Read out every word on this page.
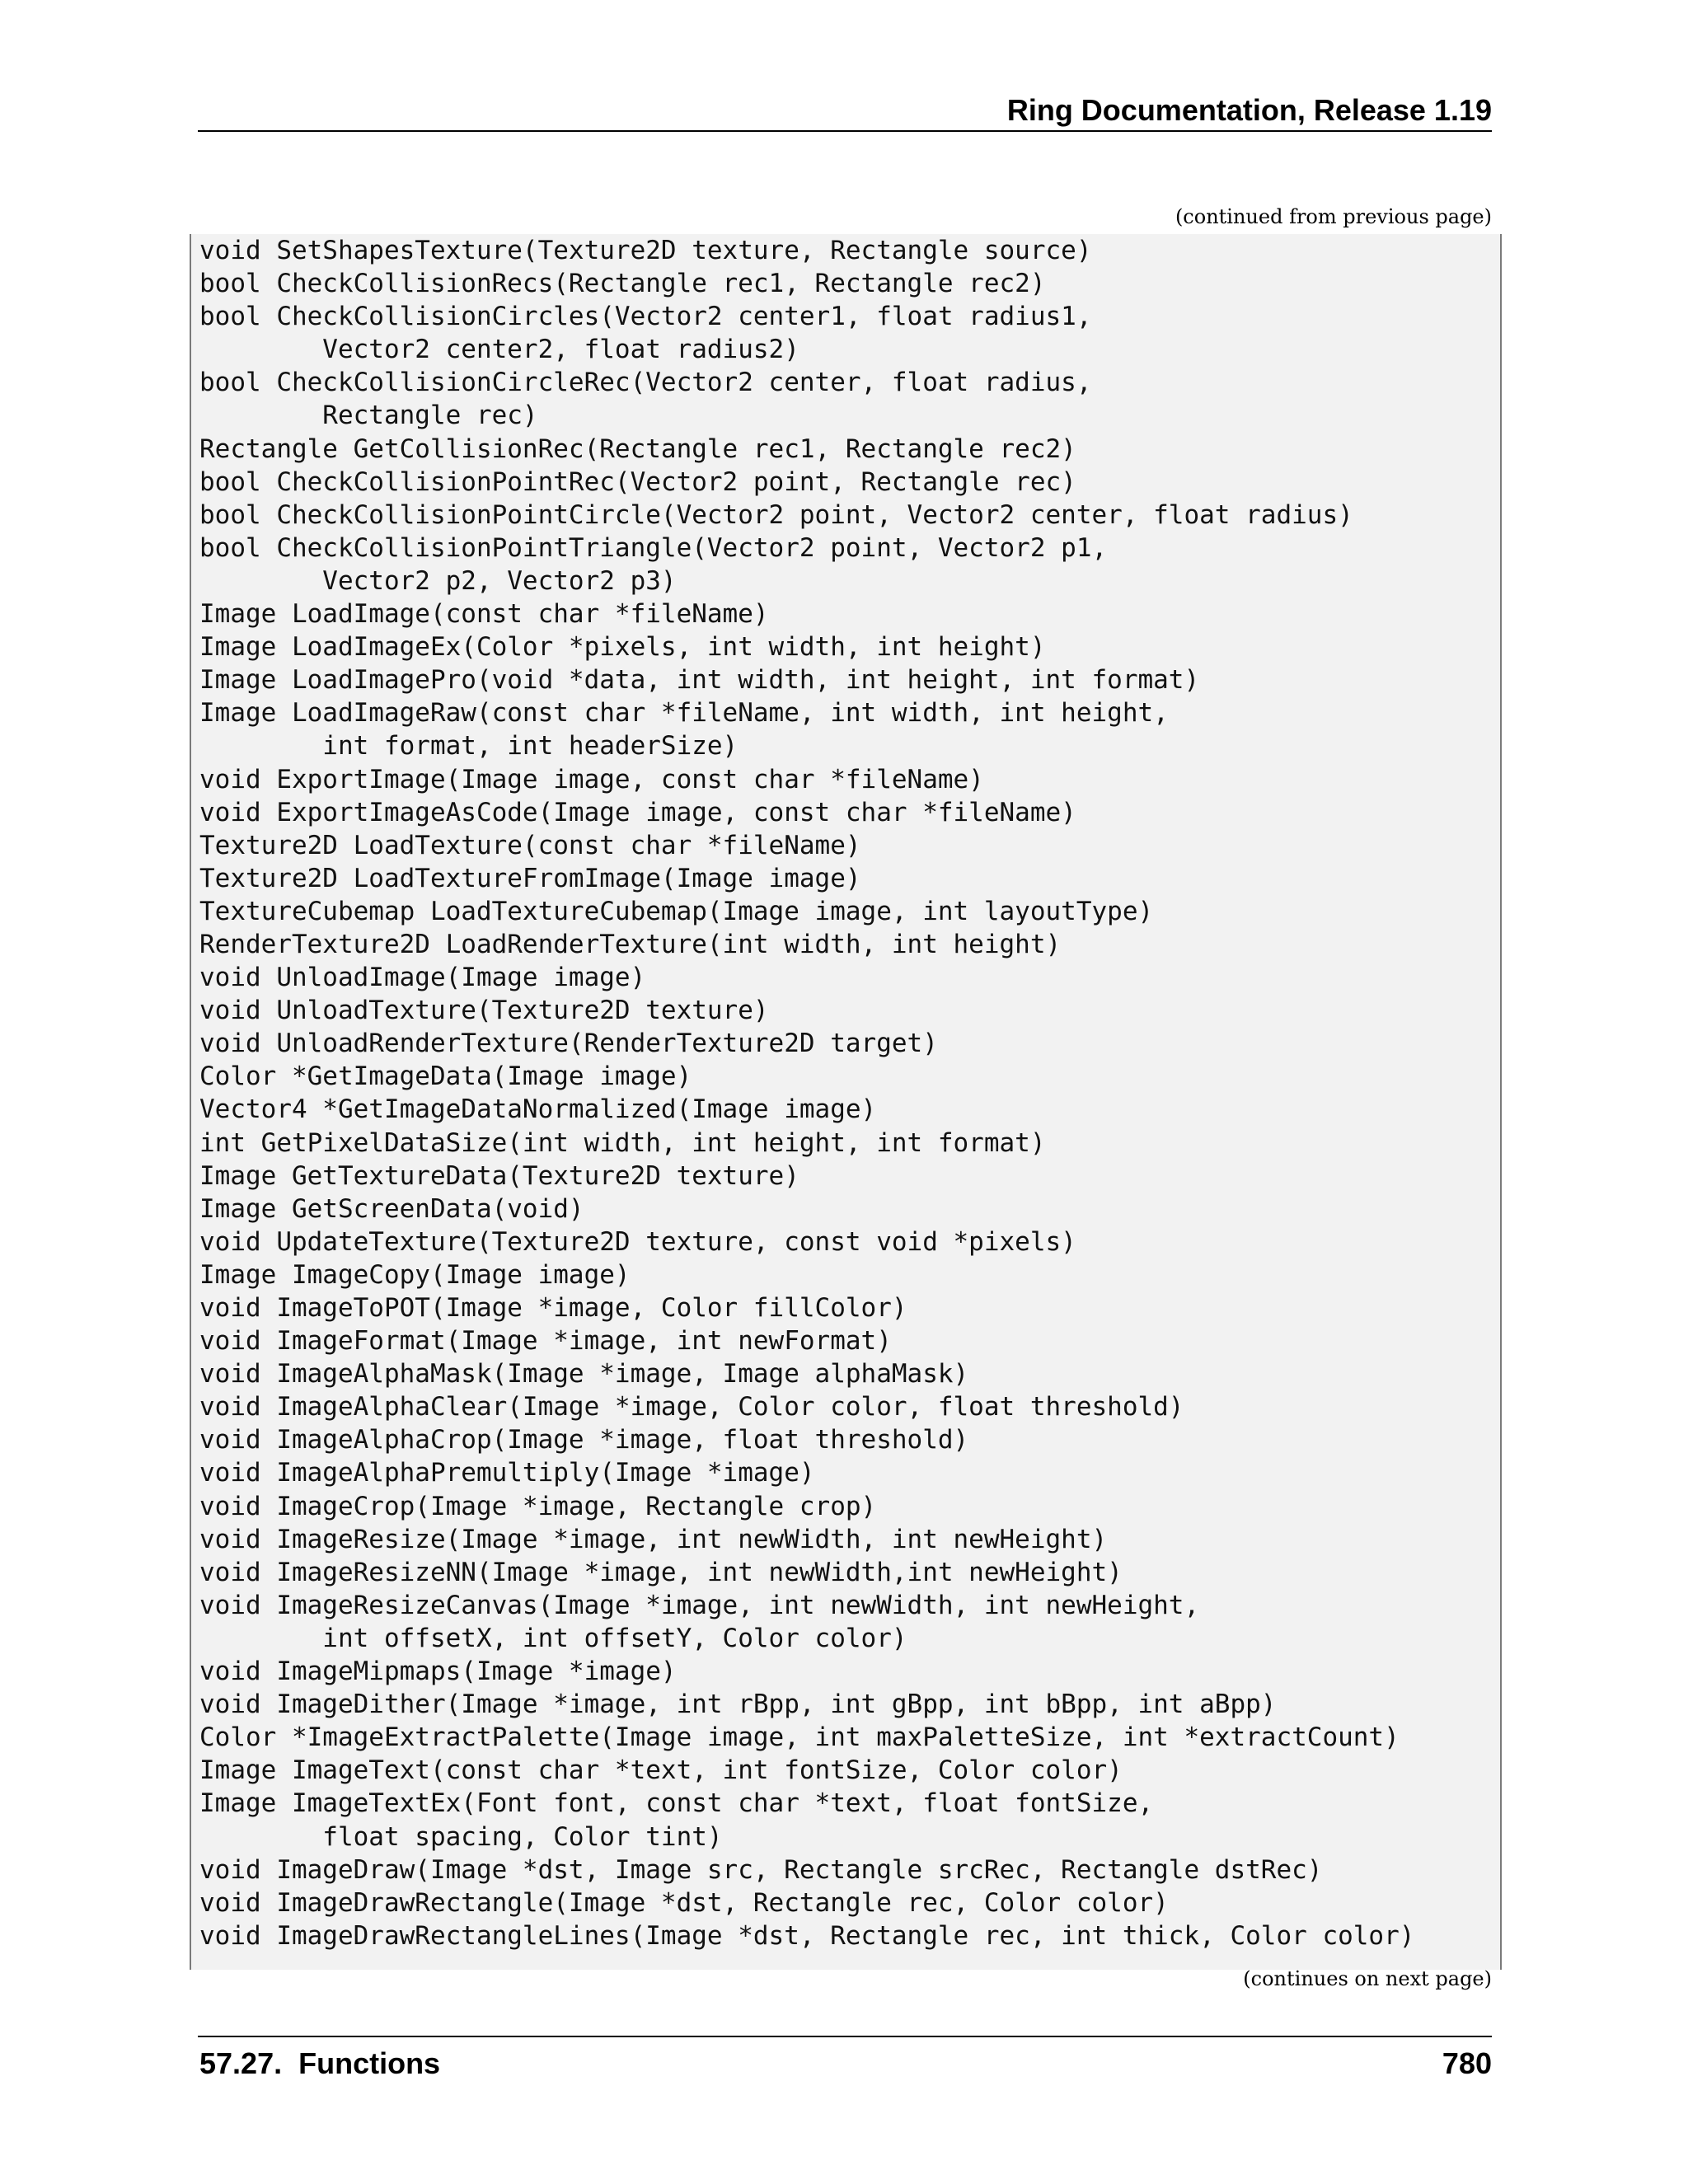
Ring Documentation, Release 1.19
(continued from previous page)
void SetShapesTexture(Texture2D texture, Rectangle source)
bool CheckCollisionRecs(Rectangle rec1, Rectangle rec2)
bool CheckCollisionCircles(Vector2 center1, float radius1,
Vector2 center2, float radius2)
bool CheckCollisionCircleRec(Vector2 center, float radius,
Rectangle rec)
Rectangle GetCollisionRec(Rectangle rec1, Rectangle rec2)
bool CheckCollisionPointRec(Vector2 point, Rectangle rec)
bool CheckCollisionPointCircle(Vector2 point, Vector2 center, float radius)
bool CheckCollisionPointTriangle(Vector2 point, Vector2 p1,
Vector2 p2, Vector2 p3)
Image LoadImage(const char *fileName)
Image LoadImageEx(Color *pixels, int width, int height)
Image LoadImagePro(void *data, int width, int height, int format)
Image LoadImageRaw(const char *fileName, int width, int height,
int format, int headerSize)
void ExportImage(Image image, const char *fileName)
void ExportImageAsCode(Image image, const char *fileName)
Texture2D LoadTexture(const char *fileName)
Texture2D LoadTextureFromImage(Image image)
TextureCubemap LoadTextureCubemap(Image image, int layoutType)
RenderTexture2D LoadRenderTexture(int width, int height)
void UnloadImage(Image image)
void UnloadTexture(Texture2D texture)
void UnloadRenderTexture(RenderTexture2D target)
Color *GetImageData(Image image)
Vector4 *GetImageDataNormalized(Image image)
int GetPixelDataSize(int width, int height, int format)
Image GetTextureData(Texture2D texture)
Image GetScreenData(void)
void UpdateTexture(Texture2D texture, const void *pixels)
Image ImageCopy(Image image)
void ImageToPOT(Image *image, Color fillColor)
void ImageFormat(Image *image, int newFormat)
void ImageAlphaMask(Image *image, Image alphaMask)
void ImageAlphaClear(Image *image, Color color, float threshold)
void ImageAlphaCrop(Image *image, float threshold)
void ImageAlphaPremultiply(Image *image)
void ImageCrop(Image *image, Rectangle crop)
void ImageResize(Image *image, int newWidth, int newHeight)
void ImageResizeNN(Image *image, int newWidth,int newHeight)
void ImageResizeCanvas(Image *image, int newWidth, int newHeight,
int offsetX, int offsetY, Color color)
void ImageMipmaps(Image *image)
void ImageDither(Image *image, int rBpp, int gBpp, int bBpp, int aBpp)
Color *ImageExtractPalette(Image image, int maxPaletteSize, int *extractCount)
Image ImageText(const char *text, int fontSize, Color color)
Image ImageTextEx(Font font, const char *text, float fontSize,
float spacing, Color tint)
void ImageDraw(Image *dst, Image src, Rectangle srcRec, Rectangle dstRec)
void ImageDrawRectangle(Image *dst, Rectangle rec, Color color)
void ImageDrawRectangleLines(Image *dst, Rectangle rec, int thick, Color color)
(continues on next page)
57.27.  Functions	780
